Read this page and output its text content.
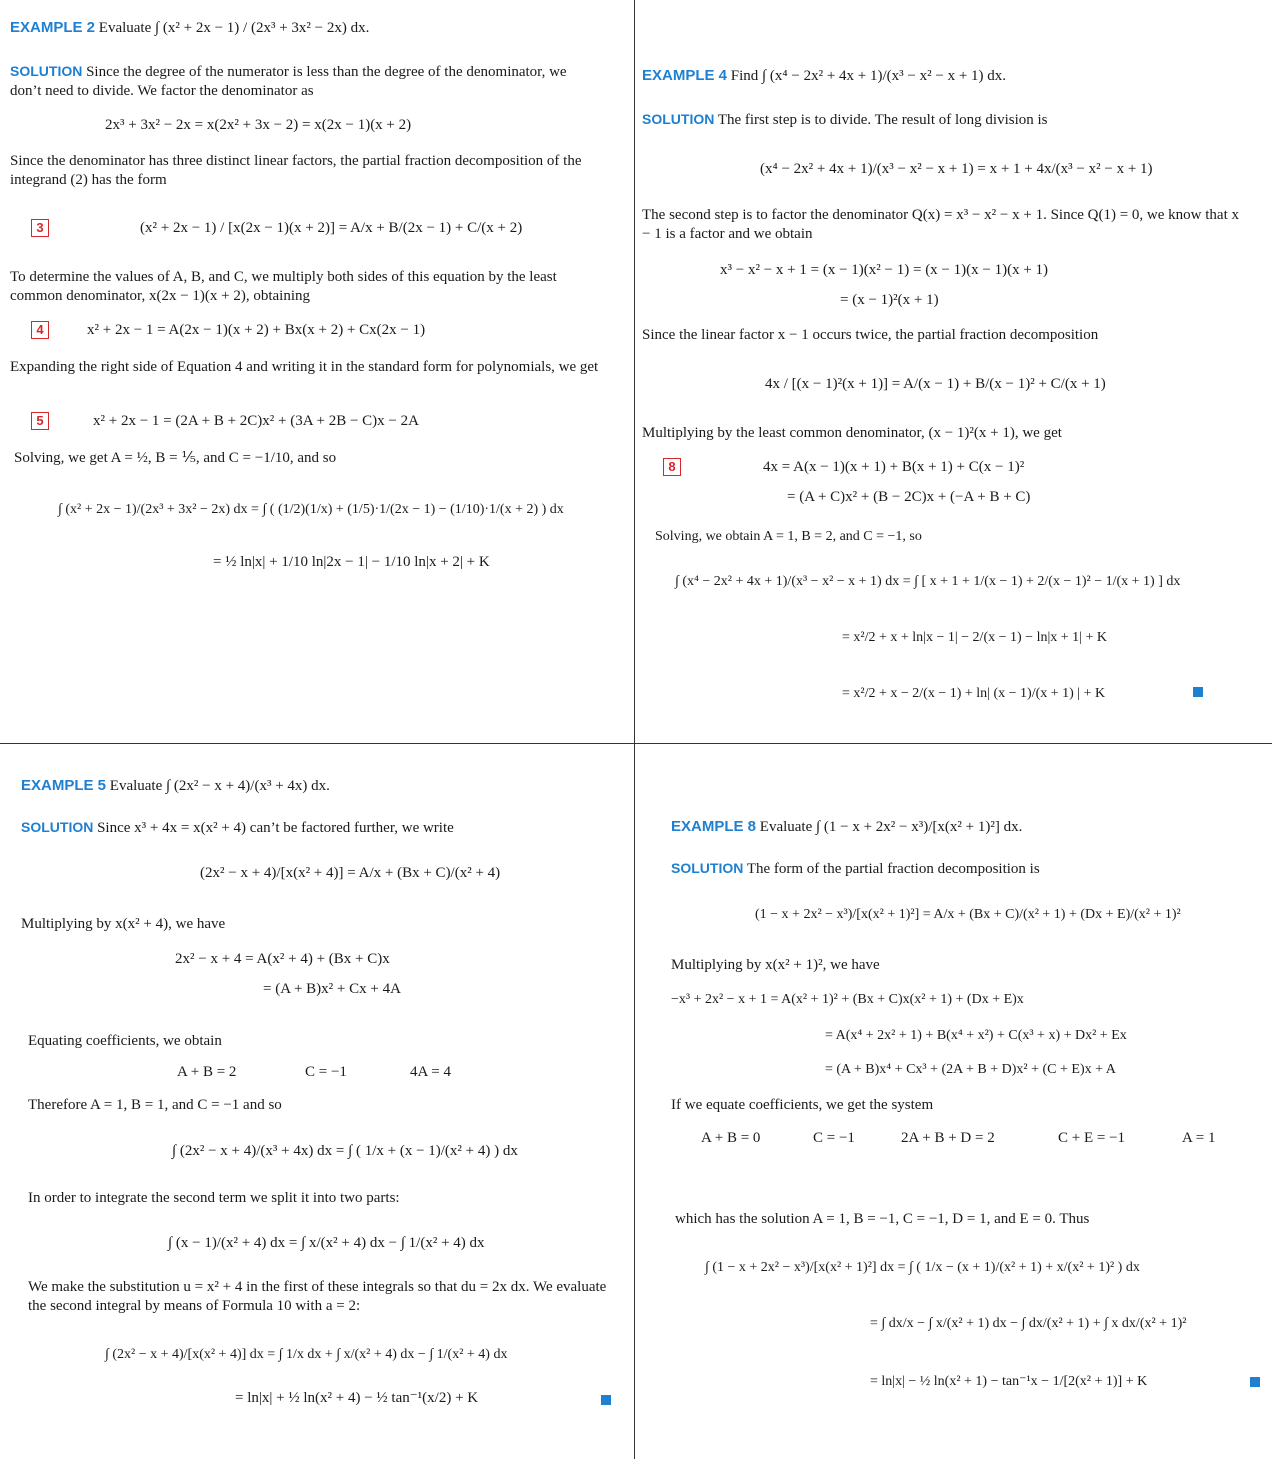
EXAMPLE 2 Evaluate ∫ (x² + 2x − 1) / (2x³ + 3x² − 2x) dx.
SOLUTION Since the degree of the numerator is less than the degree of the denominator, we don’t need to divide. We factor the denominator as
2x³ + 3x² − 2x = x(2x² + 3x − 2) = x(2x − 1)(x + 2)
Since the denominator has three distinct linear factors, the partial fraction decomposition of the integrand (2) has the form
3	(x² + 2x − 1) / [x(2x − 1)(x + 2)] = A/x + B/(2x − 1) + C/(x + 2)
To determine the values of A, B, and C, we multiply both sides of this equation by the least common denominator, x(2x − 1)(x + 2), obtaining
4	x² + 2x − 1 = A(2x − 1)(x + 2) + Bx(x + 2) + Cx(2x − 1)
Expanding the right side of Equation 4 and writing it in the standard form for polynomials, we get
5	x² + 2x − 1 = (2A + B + 2C)x² + (3A + 2B − C)x − 2A
Solving, we get A = ½, B = ⅕, and C = −1/10, and so
∫ (x² + 2x − 1)/(2x³ + 3x² − 2x) dx = ∫ ( (1/2)(1/x) + (1/5)·1/(2x − 1) − (1/10)·1/(x + 2) ) dx
= ½ ln|x| + 1/10 ln|2x − 1| − 1/10 ln|x + 2| + K
EXAMPLE 4 Find ∫ (x⁴ − 2x² + 4x + 1)/(x³ − x² − x + 1) dx.
SOLUTION The first step is to divide. The result of long division is
(x⁴ − 2x² + 4x + 1)/(x³ − x² − x + 1) = x + 1 + 4x/(x³ − x² − x + 1)
The second step is to factor the denominator Q(x) = x³ − x² − x + 1. Since Q(1) = 0, we know that x − 1 is a factor and we obtain
x³ − x² − x + 1 = (x − 1)(x² − 1) = (x − 1)(x − 1)(x + 1)
= (x − 1)²(x + 1)
Since the linear factor x − 1 occurs twice, the partial fraction decomposition
4x / [(x − 1)²(x + 1)] = A/(x − 1) + B/(x − 1)² + C/(x + 1)
Multiplying by the least common denominator, (x − 1)²(x + 1), we get
8	4x = A(x − 1)(x + 1) + B(x + 1) + C(x − 1)²
= (A + C)x² + (B − 2C)x + (−A + B + C)
Solving, we obtain A = 1, B = 2, and C = −1, so
∫ (x⁴ − 2x² + 4x + 1)/(x³ − x² − x + 1) dx = ∫ [ x + 1 + 1/(x − 1) + 2/(x − 1)² − 1/(x + 1) ] dx
= x²/2 + x + ln|x − 1| − 2/(x − 1) − ln|x + 1| + K
= x²/2 + x − 2/(x − 1) + ln| (x − 1)/(x + 1) | + K
EXAMPLE 5 Evaluate ∫ (2x² − x + 4)/(x³ + 4x) dx.
SOLUTION Since x³ + 4x = x(x² + 4) can’t be factored further, we write
(2x² − x + 4)/[x(x² + 4)] = A/x + (Bx + C)/(x² + 4)
Multiplying by x(x² + 4), we have
2x² − x + 4 = A(x² + 4) + (Bx + C)x
= (A + B)x² + Cx + 4A
Equating coefficients, we obtain
A + B = 2	C = −1	4A = 4
Therefore A = 1, B = 1, and C = −1 and so
∫ (2x² − x + 4)/(x³ + 4x) dx = ∫ ( 1/x + (x − 1)/(x² + 4) ) dx
In order to integrate the second term we split it into two parts:
∫ (x − 1)/(x² + 4) dx = ∫ x/(x² + 4) dx − ∫ 1/(x² + 4) dx
We make the substitution u = x² + 4 in the first of these integrals so that du = 2x dx. We evaluate the second integral by means of Formula 10 with a = 2:
∫ (2x² − x + 4)/[x(x² + 4)] dx = ∫ 1/x dx + ∫ x/(x² + 4) dx − ∫ 1/(x² + 4) dx
= ln|x| + ½ ln(x² + 4) − ½ tan⁻¹(x/2) + K
EXAMPLE 8 Evaluate ∫ (1 − x + 2x² − x³)/[x(x² + 1)²] dx.
SOLUTION The form of the partial fraction decomposition is
(1 − x + 2x² − x³)/[x(x² + 1)²] = A/x + (Bx + C)/(x² + 1) + (Dx + E)/(x² + 1)²
Multiplying by x(x² + 1)², we have
−x³ + 2x² − x + 1 = A(x² + 1)² + (Bx + C)x(x² + 1) + (Dx + E)x
= A(x⁴ + 2x² + 1) + B(x⁴ + x²) + C(x³ + x) + Dx² + Ex
= (A + B)x⁴ + Cx³ + (2A + B + D)x² + (C + E)x + A
If we equate coefficients, we get the system
A + B = 0	C = −1	2A + B + D = 2	C + E = −1	A = 1
which has the solution A = 1, B = −1, C = −1, D = 1, and E = 0. Thus
∫ (1 − x + 2x² − x³)/[x(x² + 1)²] dx = ∫ ( 1/x − (x + 1)/(x² + 1) + x/(x² + 1)² ) dx
= ∫ dx/x − ∫ x/(x² + 1) dx − ∫ dx/(x² + 1) + ∫ x dx/(x² + 1)²
= ln|x| − ½ ln(x² + 1) − tan⁻¹x − 1/[2(x² + 1)] + K
